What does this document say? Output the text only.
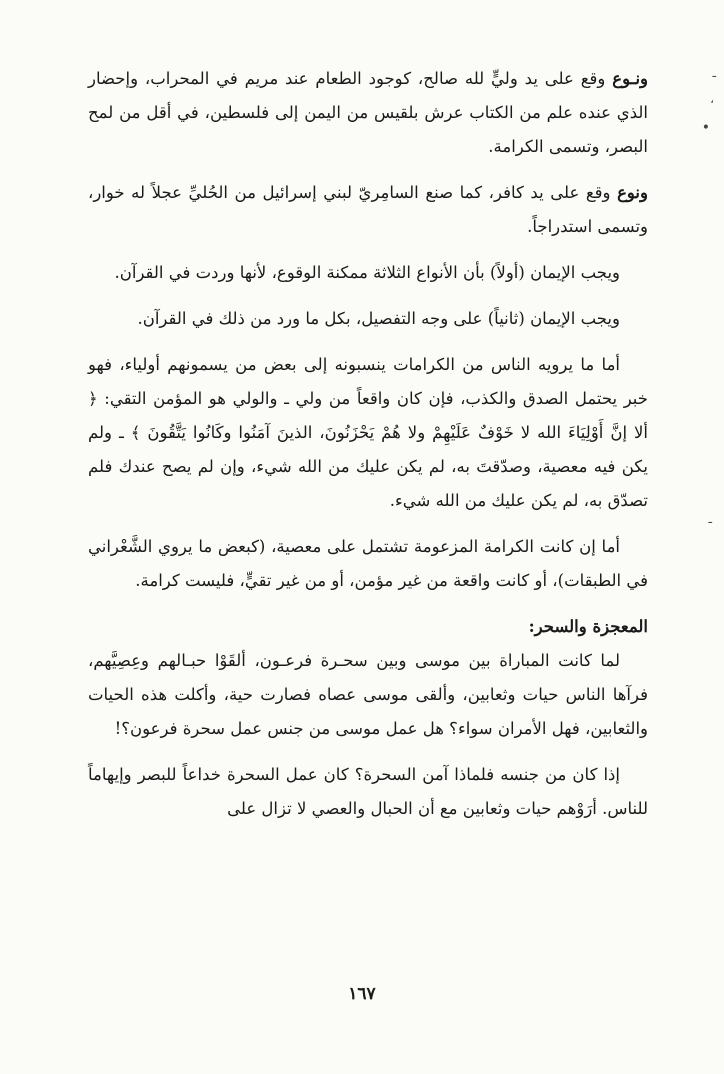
ـ
،
•
ـ

ونـوع وقع على يد وليٍّ لله صالح، كوجود الطعام عند مريم في المحراب، وإحضار الذي عنده علم من الكتاب عرش بلقيس من اليمن إلى فلسطين، في أقل من لمح البصر، وتسمى الكرامة.

ونوع وقع على يد كافر، كما صنع السامِريّ لبني إسرائيل من الحُليِّ عجلاً له خوار، وتسمى استدراجاً.

ويجب الإيمان (أولاً) بأن الأنواع الثلاثة ممكنة الوقوع، لأنها وردت في القرآن.

ويجب الإيمان (ثانياً) على وجه التفصيل، بكل ما ورد من ذلك في القرآن.

أما ما يرويه الناس من الكرامات ينسبونه إلى بعض من يسمونهم أولياء، فهو خبر يحتمل الصدق والكذب، فإن كان واقعاً من ولي ـ والولي هو المؤمن التقي: ﴿ ألا إنَّ أَوْلِيَاءَ الله لا خَوْفٌ عَلَيْهِمْ ولا هُمْ يَحْزَنُونَ، الذينَ آمَنُوا وكَانُوا يَتَّقُونَ ﴾ ـ ولم يكن فيه معصية، وصدّقتَ به، لم يكن عليك من الله شيء، وإن لم يصح عندك فلم تصدّق به، لم يكن عليك من الله شيء.

أما إن كانت الكرامة المزعومة تشتمل على معصية، (كبعض ما يروي الشَّعْراني في الطبقات)، أو كانت واقعة من غير مؤمن، أو من غير تقيٍّ، فليست كرامة.

المعجزة والسحر:

لما كانت المباراة بين موسى وبين سحـرة فرعـون، ألقَوْا حبـالهم وعِصِيَّهم، فرآها الناس حيات وثعابين، وألقى موسى عصاه فصارت حية، وأكلت هذه الحيات والثعابين، فهل الأمران سواء؟ هل عمل موسى من جنس عمل سحرة فرعون؟!

إذا كان من جنسه فلماذا آمن السحرة؟ كان عمل السحرة خداعاً للبصر وإيهاماً للناس. أرَوْهم حيات وثعابين مع أن الحبال والعصي لا تزال على

١٦٧
